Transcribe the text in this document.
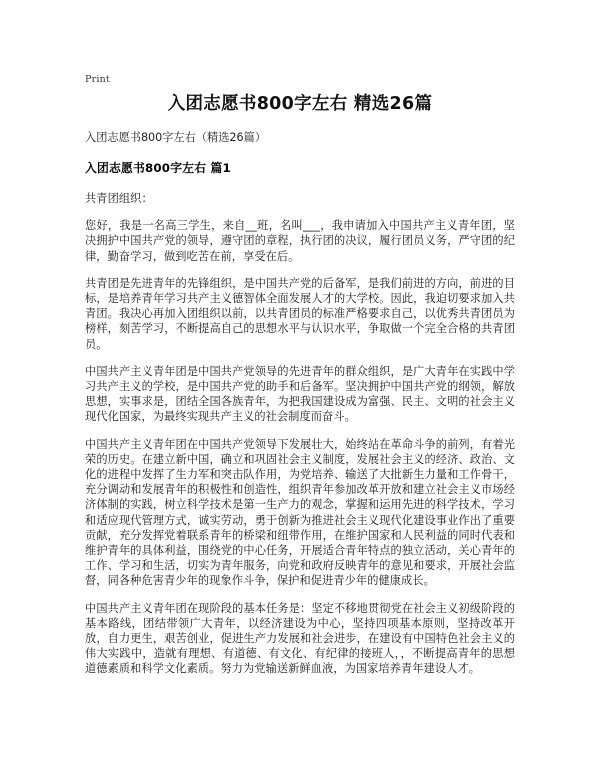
Print
入团志愿书800字左右 精选26篇
入团志愿书800字左右（精选26篇）
入团志愿书800字左右 篇1

共青团组织：

您好，我是一名高三学生，来自__班，名叫___，我申请加入中国共产主义青年团，坚决拥护中国共产党的领导，遵守团的章程，执行团的决议，履行团员义务，严守团的纪律，勤奋学习，做到吃苦在前，享受在后。

共青团是先进青年的先锋组织，是中国共产党的后备军，是我们前进的方向，前进的目标，是培养青年学习共产主义德智体全面发展人才的大学校。因此，我迫切要求加入共青团。我决心再加入团组织以前，以共青团员的标准严格要求自己，以优秀共青团员为榜样，刻苦学习，不断提高自己的思想水平与认识水平，争取做一个完全合格的共青团员。

中国共产主义青年团是中国共产党领导的先进青年的群众组织，是广大青年在实践中学习共产主义的学校，是中国共产党的助手和后备军。坚决拥护中国共产党的纲领，解放思想，实事求是，团结全国各族青年，为把我国建设成为富强、民主、文明的社会主义现代化国家，为最终实现共产主义的社会制度而奋斗。

中国共产主义青年团在中国共产党领导下发展壮大，始终站在革命斗争的前列，有着光荣的历史。在建立新中国，确立和巩固社会主义制度，发展社会主义的经济、政治、文化的进程中发挥了生力军和突击队作用，为党培养、输送了大批新生力量和工作骨干，充分调动和发展青年的积极性和创造性，组织青年参加改革开放和建立社会主义市场经济体制的实践，树立科学技术是第一生产力的观念，掌握和运用先进的科学技术，学习和适应现代管理方式，诚实劳动，勇于创新为推进社会主义现代化建设事业作出了重要贡献，充分发挥党着联系青年的桥梁和纽带作用，在维护国家和人民利益的同时代表和维护青年的具体利益，围绕党的中心任务，开展适合青年特点的独立活动，关心青年的工作、学习和生活，切实为青年服务，向党和政府反映青年的意见和要求，开展社会监督，同各种危害青少年的现象作斗争，保护和促进青少年的健康成长。

中国共产主义青年团在现阶段的基本任务是：坚定不移地贯彻党在社会主义初级阶段的基本路线，团结带领广大青年，以经济建设为中心，坚持四项基本原则，坚持改革开放，自力更生，艰苦创业，促进生产力发展和社会进步，在建设有中国特色社会主义的伟大实践中，造就有理想、有道德、有文化、有纪律的接班人，，不断提高青年的思想道德素质和科学文化素质。努力为党输送新鲜血液，为国家培养青年建设人才。
